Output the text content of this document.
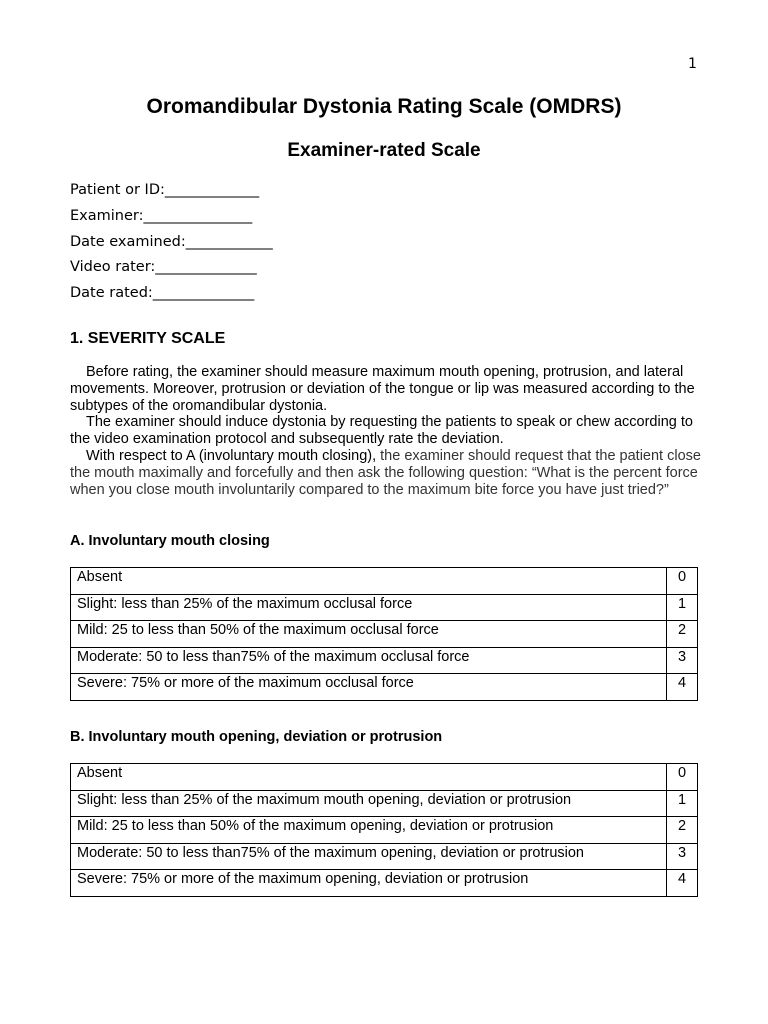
1
Oromandibular Dystonia Rating Scale (OMDRS)
Examiner-rated Scale
Patient or ID:_____________
Examiner:_______________
Date examined:____________
Video rater:______________
Date rated:______________
1. SEVERITY SCALE

Before rating, the examiner should measure maximum mouth opening, protrusion, and lateral movements. Moreover, protrusion or deviation of the tongue or lip was measured according to the subtypes of the oromandibular dystonia.

The examiner should induce dystonia by requesting the patients to speak or chew according to the video examination protocol and subsequently rate the deviation.

With respect to A (involuntary mouth closing), the examiner should request that the patient close the mouth maximally and forcefully and then ask the following question: “What is the percent force when you close mouth involuntarily compared to the maximum bite force you have just tried?”

A. Involuntary mouth closing
Absent	0
Slight: less than 25% of the maximum occlusal force	1
Mild: 25 to less than 50% of the maximum occlusal force	2
Moderate: 50 to less than75% of the maximum occlusal force	3
Severe: 75% or more of the maximum occlusal force	4
B. Involuntary mouth opening, deviation or protrusion
Absent	0
Slight: less than 25% of the maximum mouth opening, deviation or protrusion	1
Mild: 25 to less than 50% of the maximum opening, deviation or protrusion	2
Moderate: 50 to less than75% of the maximum opening, deviation or protrusion	3
Severe: 75% or more of the maximum opening, deviation or protrusion	4
